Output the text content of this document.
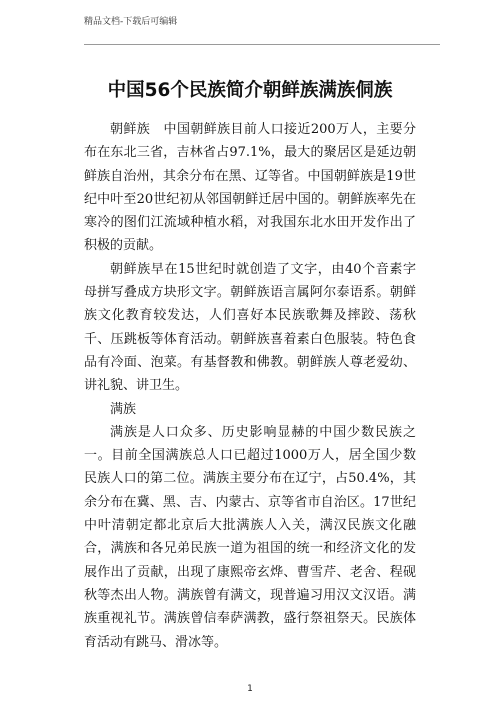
精品文档-下载后可编辑
中国56个民族简介朝鲜族满族侗族

朝鲜族　中国朝鲜族目前人口接近200万人，主要分布在东北三省，吉林省占97.1%，最大的聚居区是延边朝鲜族自治州，其余分布在黑、辽等省。中国朝鲜族是19世纪中叶至20世纪初从邻国朝鲜迁居中国的。朝鲜族率先在寒冷的图们江流域种植水稻，对我国东北水田开发作出了积极的贡献。

朝鲜族早在15世纪时就创造了文字，由40个音素字母拼写叠成方块形文字。朝鲜族语言属阿尔泰语系。朝鲜族文化教育较发达，人们喜好本民族歌舞及摔跤、荡秋千、压跳板等体育活动。朝鲜族喜着素白色服装。特色食品有冷面、泡菜。有基督教和佛教。朝鲜族人尊老爱幼、讲礼貌、讲卫生。

满族

满族是人口众多、历史影响显赫的中国少数民族之一。目前全国满族总人口已超过1000万人，居全国少数民族人口的第二位。满族主要分布在辽宁，占50.4%，其余分布在冀、黑、吉、内蒙古、京等省市自治区。17世纪中叶清朝定都北京后大批满族人入关，满汉民族文化融合，满族和各兄弟民族一道为祖国的统一和经济文化的发展作出了贡献，出现了康熙帝玄烨、曹雪芹、老舍、程砚秋等杰出人物。满族曾有满文，现普遍习用汉文汉语。满族重视礼节。满族曾信奉萨满教，盛行祭祖祭天。民族体育活动有跳马、滑冰等。

1
